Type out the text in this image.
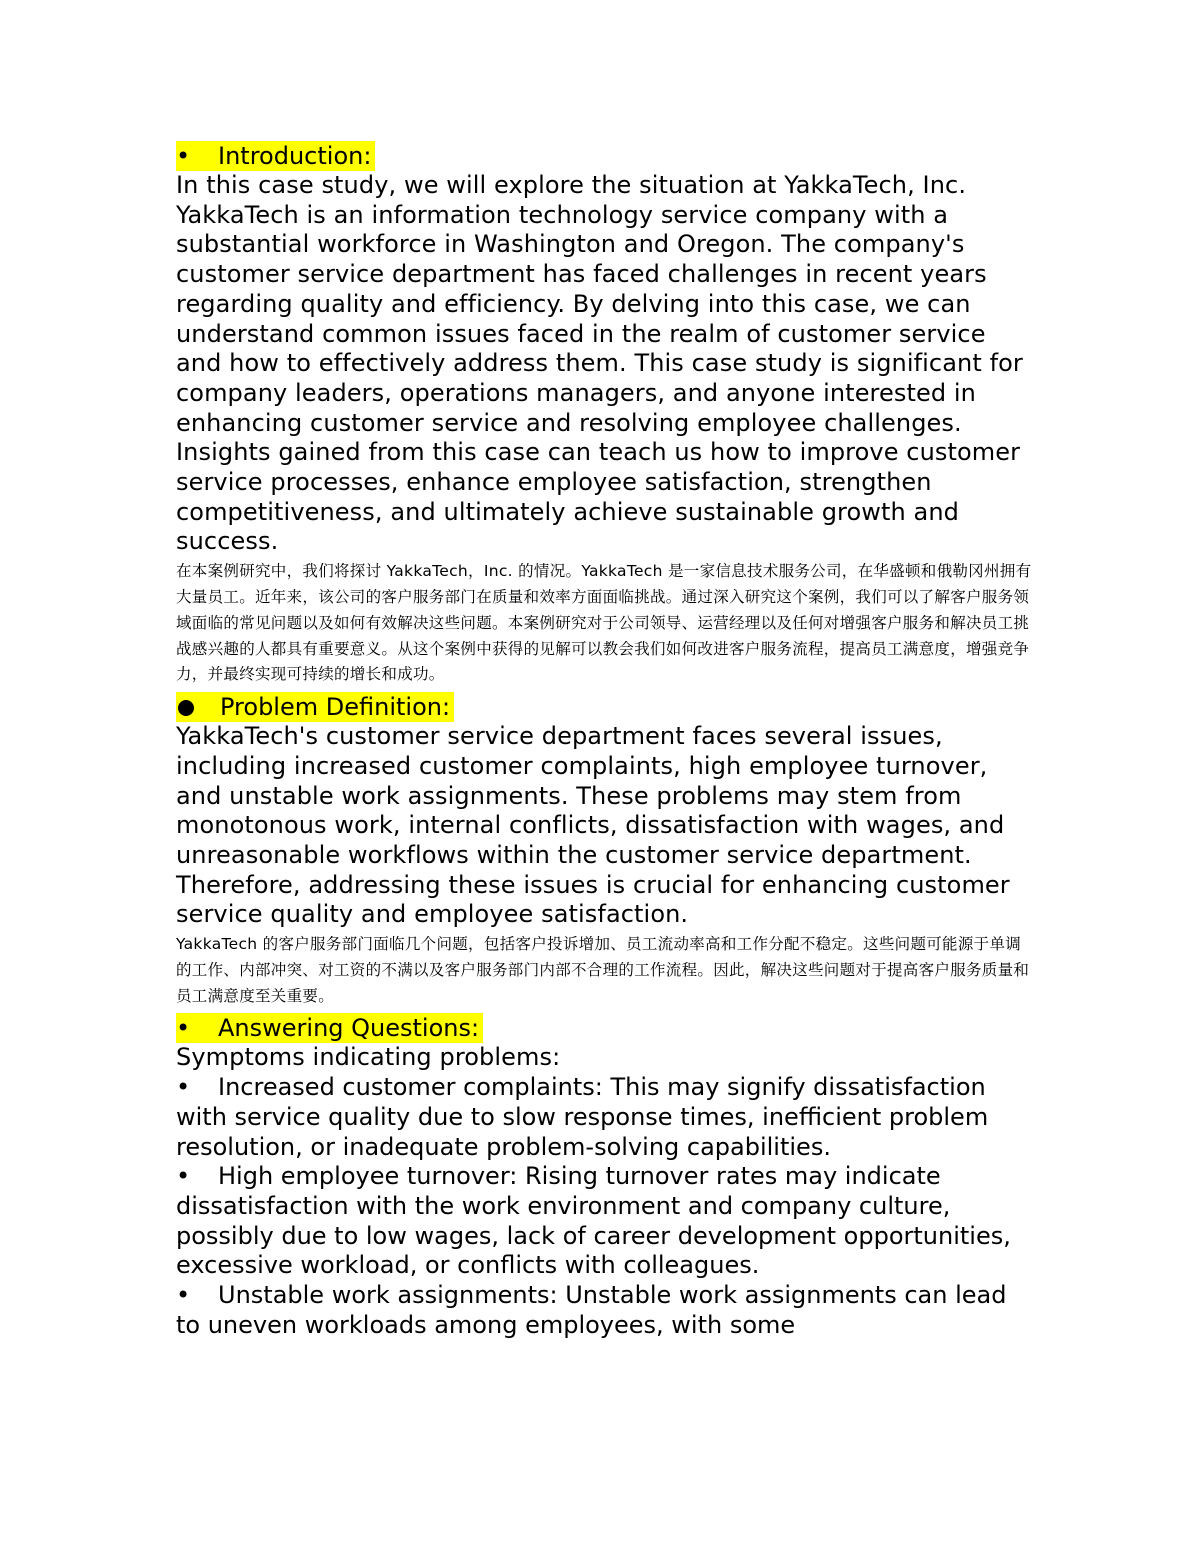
• Introduction:

In this case study, we will explore the situation at YakkaTech, Inc. YakkaTech is an information technology service company with a substantial workforce in Washington and Oregon. The company's customer service department has faced challenges in recent years regarding quality and efficiency. By delving into this case, we can understand common issues faced in the realm of customer service and how to effectively address them. This case study is significant for company leaders, operations managers, and anyone interested in enhancing customer service and resolving employee challenges. Insights gained from this case can teach us how to improve customer service processes, enhance employee satisfaction, strengthen competitiveness, and ultimately achieve sustainable growth and success.

在本案例研究中，我们将探讨 YakkaTech，Inc. 的情况。YakkaTech 是一家信息技术服务公司，在华盛顿和俄勒冈州拥有大量员工。近年来，该公司的客户服务部门在质量和效率方面面临挑战。通过深入研究这个案例，我们可以了解客户服务领域面临的常见问题以及如何有效解决这些问题。本案例研究对于公司领导、运营经理以及任何对增强客户服务和解决员工挑战感兴趣的人都具有重要意义。从这个案例中获得的见解可以教会我们如何改进客户服务流程，提高员工满意度，增强竞争力，并最终实现可持续的增长和成功。

Problem Definition:

YakkaTech's customer service department faces several issues, including increased customer complaints, high employee turnover, and unstable work assignments. These problems may stem from monotonous work, internal conflicts, dissatisfaction with wages, and unreasonable workflows within the customer service department. Therefore, addressing these issues is crucial for enhancing customer service quality and employee satisfaction.

YakkaTech 的客户服务部门面临几个问题，包括客户投诉增加、员工流动率高和工作分配不稳定。这些问题可能源于单调的工作、内部冲突、对工资的不满以及客户服务部门内部不合理的工作流程。因此，解决这些问题对于提高客户服务质量和员工满意度至关重要。

• Answering Questions:

Symptoms indicating problems:

• Increased customer complaints: This may signify dissatisfaction with service quality due to slow response times, inefficient problem resolution, or inadequate problem-solving capabilities.

• High employee turnover: Rising turnover rates may indicate dissatisfaction with the work environment and company culture, possibly due to low wages, lack of career development opportunities, excessive workload, or conflicts with colleagues.

• Unstable work assignments: Unstable work assignments can lead to uneven workloads among employees, with some
